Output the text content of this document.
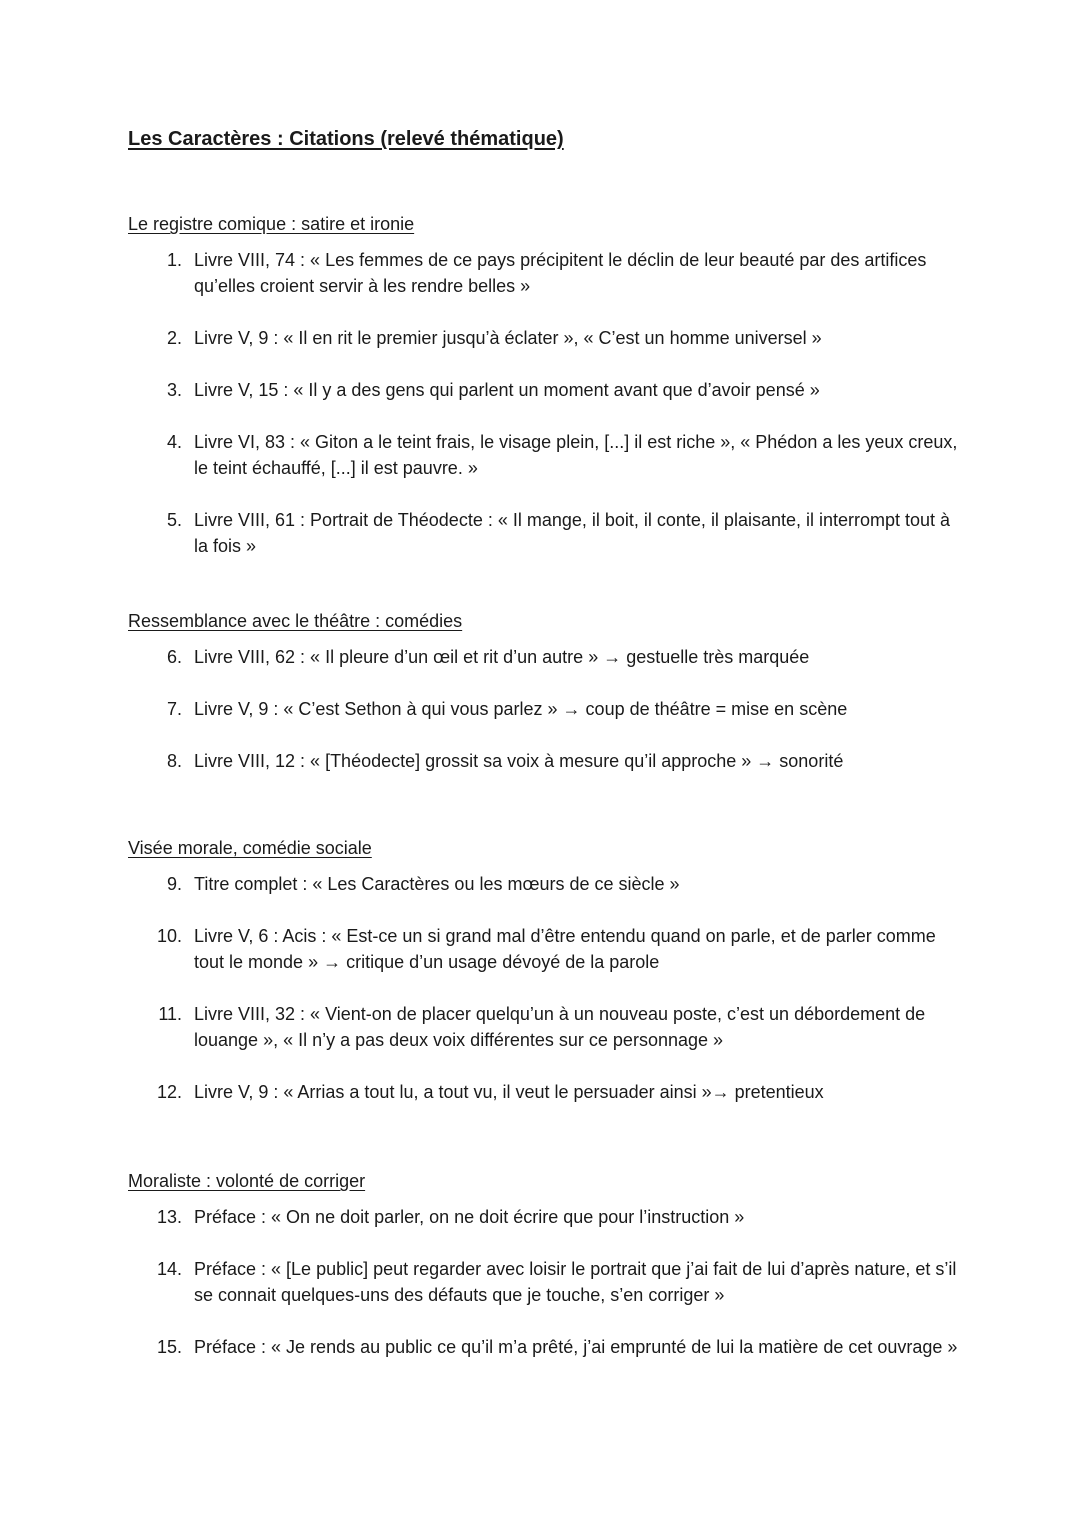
Les Caractères : Citations (relevé thématique)
Le registre comique : satire et ironie
1. Livre VIII, 74 : « Les femmes de ce pays précipitent le déclin de leur beauté par des artifices qu’elles croient servir à les rendre belles »
2. Livre V, 9 : « Il en rit le premier jusqu’à éclater », « C’est un homme universel »
3. Livre V, 15 : « Il y a des gens qui parlent un moment avant que d’avoir pensé »
4. Livre VI, 83 : « Giton a le teint frais, le visage plein, [...] il est riche », « Phédon a les yeux creux, le teint échauffé, [...] il est pauvre. »
5. Livre VIII, 61 : Portrait de Théodecte : « Il mange, il boit, il conte, il plaisante, il interrompt tout à la fois »
Ressemblance avec le théâtre : comédies
6. Livre VIII, 62 : « Il pleure d’un œil et rit d’un autre » → gestuelle très marquée
7. Livre V, 9 : « C’est Sethon à qui vous parlez » → coup de théâtre = mise en scène
8. Livre VIII, 12 : « [Théodecte] grossit sa voix à mesure qu’il approche » → sonorité
Visée morale, comédie sociale
9. Titre complet : « Les Caractères ou les mœurs de ce siècle »
10. Livre V, 6 : Acis : « Est-ce un si grand mal d’être entendu quand on parle, et de parler comme tout le monde » → critique d’un usage dévoyé de la parole
11. Livre VIII, 32 : « Vient-on de placer quelqu’un à un nouveau poste, c’est un débordement de louange », « Il n’y a pas deux voix différentes sur ce personnage »
12. Livre V, 9 : « Arrias a tout lu, a tout vu, il veut le persuader ainsi »→ pretentieux
Moraliste : volonté de corriger
13. Préface : « On ne doit parler, on ne doit écrire que pour l’instruction »
14. Préface : « [Le public] peut regarder avec loisir le portrait que j’ai fait de lui d’après nature, et s’il se connait quelques-uns des défauts que je touche, s’en corriger »
15. Préface : « Je rends au public ce qu’il m’a prêté, j’ai emprunté de lui la matière de cet ouvrage »
